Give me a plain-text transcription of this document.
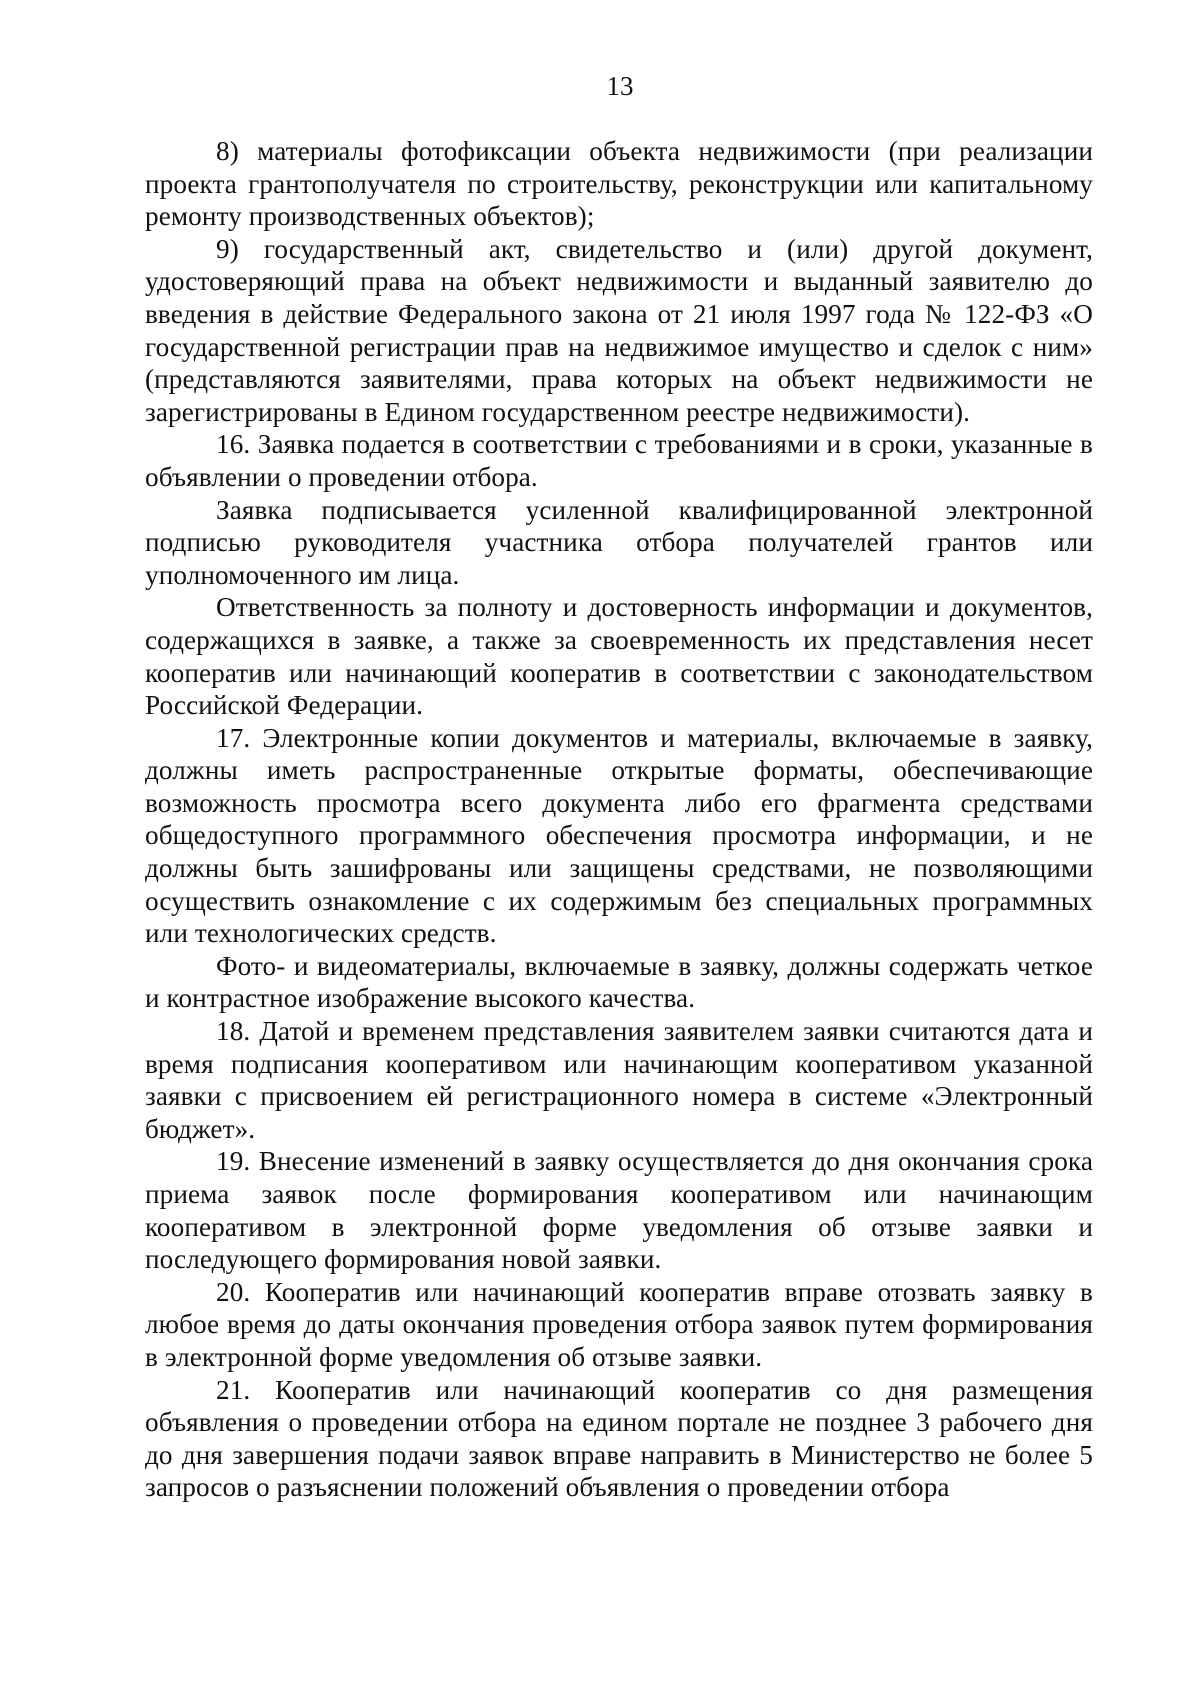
13

8) материалы фотофиксации объекта недвижимости (при реализации проекта грантополучателя по строительству, реконструкции или капитальному ремонту производственных объектов);

9) государственный акт, свидетельство и (или) другой документ, удостоверяющий права на объект недвижимости и выданный заявителю до введения в действие Федерального закона от 21 июля 1997 года № 122-ФЗ «О государственной регистрации прав на недвижимое имущество и сделок с ним» (представляются заявителями, права которых на объект недвижимости не зарегистрированы в Едином государственном реестре недвижимости).

16. Заявка подается в соответствии с требованиями и в сроки, указанные в объявлении о проведении отбора.

Заявка подписывается усиленной квалифицированной электронной подписью руководителя участника отбора получателей грантов или уполномоченного им лица.

Ответственность за полноту и достоверность информации и документов, содержащихся в заявке, а также за своевременность их представления несет кооператив или начинающий кооператив в соответствии с законодательством Российской Федерации.

17. Электронные копии документов и материалы, включаемые в заявку, должны иметь распространенные открытые форматы, обеспечивающие возможность просмотра всего документа либо его фрагмента средствами общедоступного программного обеспечения просмотра информации, и не должны быть зашифрованы или защищены средствами, не позволяющими осуществить ознакомление с их содержимым без специальных программных или технологических средств.

Фото- и видеоматериалы, включаемые в заявку, должны содержать четкое и контрастное изображение высокого качества.

18. Датой и временем представления заявителем заявки считаются дата и время подписания кооперативом или начинающим кооперативом указанной заявки с присвоением ей регистрационного номера в системе «Электронный бюджет».

19. Внесение изменений в заявку осуществляется до дня окончания срока приема заявок после формирования кооперативом или начинающим кооперативом в электронной форме уведомления об отзыве заявки и последующего формирования новой заявки.

20. Кооператив или начинающий кооператив вправе отозвать заявку в любое время до даты окончания проведения отбора заявок путем формирования в электронной форме уведомления об отзыве заявки.

21. Кооператив или начинающий кооператив со дня размещения объявления о проведении отбора на едином портале не позднее 3 рабочего дня до дня завершения подачи заявок вправе направить в Министерство не более 5 запросов о разъяснении положений объявления о проведении отбора
